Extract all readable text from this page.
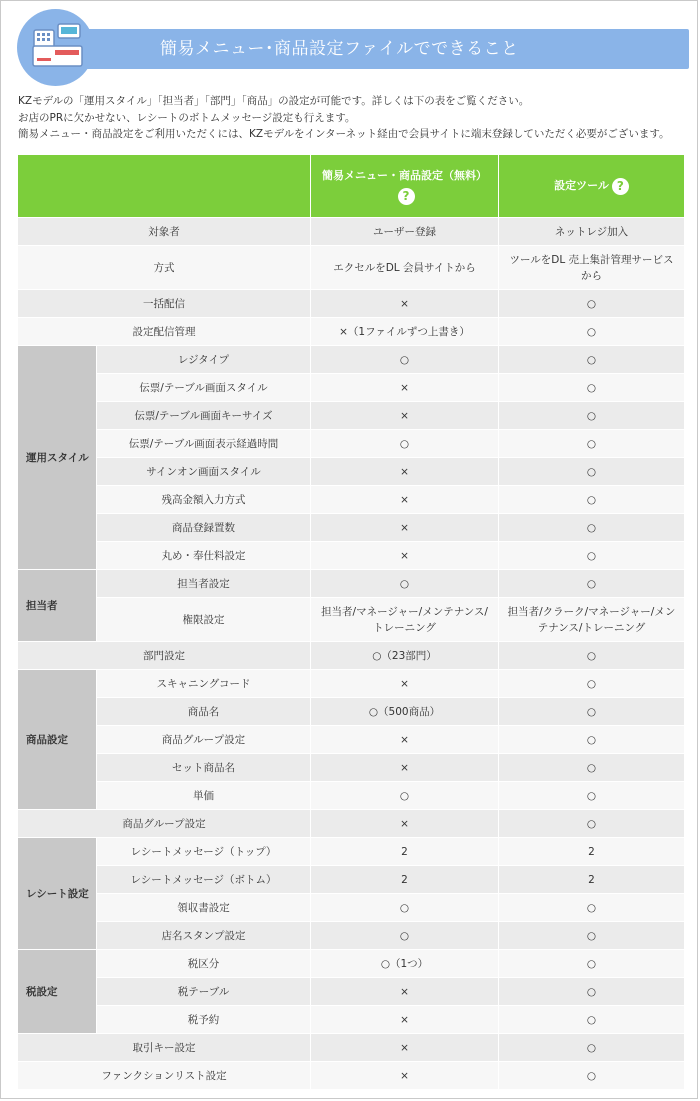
簡易メニュー･商品設定ファイルでできること

KZモデルの「運用スタイル」「担当者」「部門」「商品」の設定が可能です。詳しくは下の表をご覧ください。

お店のPRに欠かせない、レシートのボトムメッセージ設定も行えます。

簡易メニュー・商品設定をご利用いただくには、KZモデルをインターネット経由で会員サイトに端末登録していただく必要がございます。

		簡易メニュー・商品設定（無料）?	設定ツール ?
対象者		ユーザー登録	ネットレジ加入
方式		エクセルをDL 会員サイトから	ツールをDL 売上集計管理サービスから
一括配信		×	○
設定配信管理		×（1ファイルずつ上書き）	○
運用スタイル	レジタイプ	○	○
	伝票/テーブル画面スタイル	×	○
	伝票/テーブル画面キーサイズ	×	○
	伝票/テーブル画面表示経過時間	○	○
	サインオン画面スタイル	×	○
	残高金額入力方式	×	○
	商品登録置数	×	○
	丸め・奉仕料設定	×	○
担当者	担当者設定	○	○
	権限設定	担当者/マネージャー/メンテナンス/トレーニング	担当者/クラーク/マネージャー/メンテナンス/トレーニング
部門設定		○（23部門）	○
商品設定	スキャニングコード	×	○
	商品名	○（500商品）	○
	商品グループ設定	×	○
	セット商品名	×	○
	単価	○	○
商品グループ設定		×	○
レシート設定	レシートメッセージ（トップ）	2	2
	レシートメッセージ（ボトム）	2	2
	領収書設定	○	○
	店名スタンプ設定	○	○
税設定	税区分	○（1つ）	○
	税テーブル	×	○
	税予約	×	○
取引キー設定		×	○
ファンクションリスト設定		×	○
